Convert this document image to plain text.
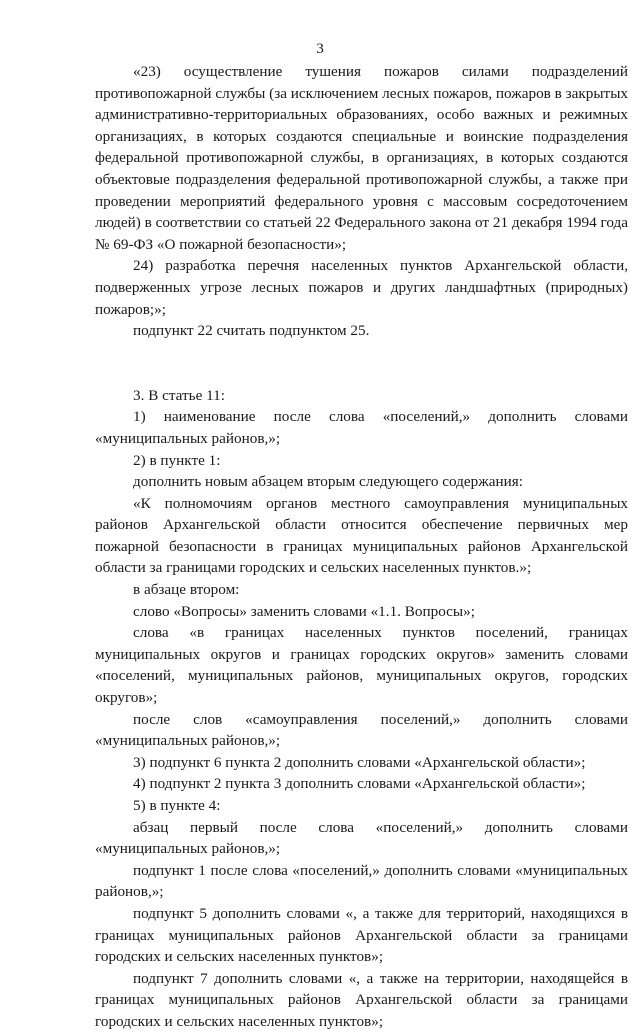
3

«23) осуществление тушения пожаров силами подразделений противопожарной службы (за исключением лесных пожаров, пожаров в закрытых административно-территориальных образованиях, особо важных и режимных организациях, в которых создаются специальные и воинские подразделения федеральной противопожарной службы, в организациях, в которых создаются объектовые подразделения федеральной противопожарной службы, а также при проведении мероприятий федерального уровня с массовым сосредоточением людей) в соответствии со статьей 22 Федерального закона от 21 декабря 1994 года № 69-ФЗ «О пожарной безопасности»;

24) разработка перечня населенных пунктов Архангельской области, подверженных угрозе лесных пожаров и других ландшафтных (природных) пожаров;»;

подпункт 22 считать подпунктом 25.

3. В статье 11:

1) наименование после слова «поселений,» дополнить словами «муниципальных районов,»;

2) в пункте 1:

дополнить новым абзацем вторым следующего содержания:

«К полномочиям органов местного самоуправления муниципальных районов Архангельской области относится обеспечение первичных мер пожарной безопасности в границах муниципальных районов Архангельской области за границами городских и сельских населенных пунктов.»;

в абзаце втором:

слово «Вопросы» заменить словами «1.1. Вопросы»;

слова «в границах населенных пунктов поселений, границах муниципальных округов и границах городских округов» заменить словами «поселений, муниципальных районов, муниципальных округов, городских округов»;

после слов «самоуправления поселений,» дополнить словами «муниципальных районов,»;

3) подпункт 6 пункта 2 дополнить словами «Архангельской области»;

4) подпункт 2 пункта 3 дополнить словами «Архангельской области»;

5) в пункте 4:

абзац первый после слова «поселений,» дополнить словами «муниципальных районов,»;

подпункт 1 после слова «поселений,» дополнить словами «муниципальных районов,»;

подпункт 5 дополнить словами «, а также для территорий, находящихся в границах муниципальных районов Архангельской области за границами городских и сельских населенных пунктов»;

подпункт 7 дополнить словами «, а также на территории, находящейся в границах муниципальных районов Архангельской области за границами городских и сельских населенных пунктов»;
